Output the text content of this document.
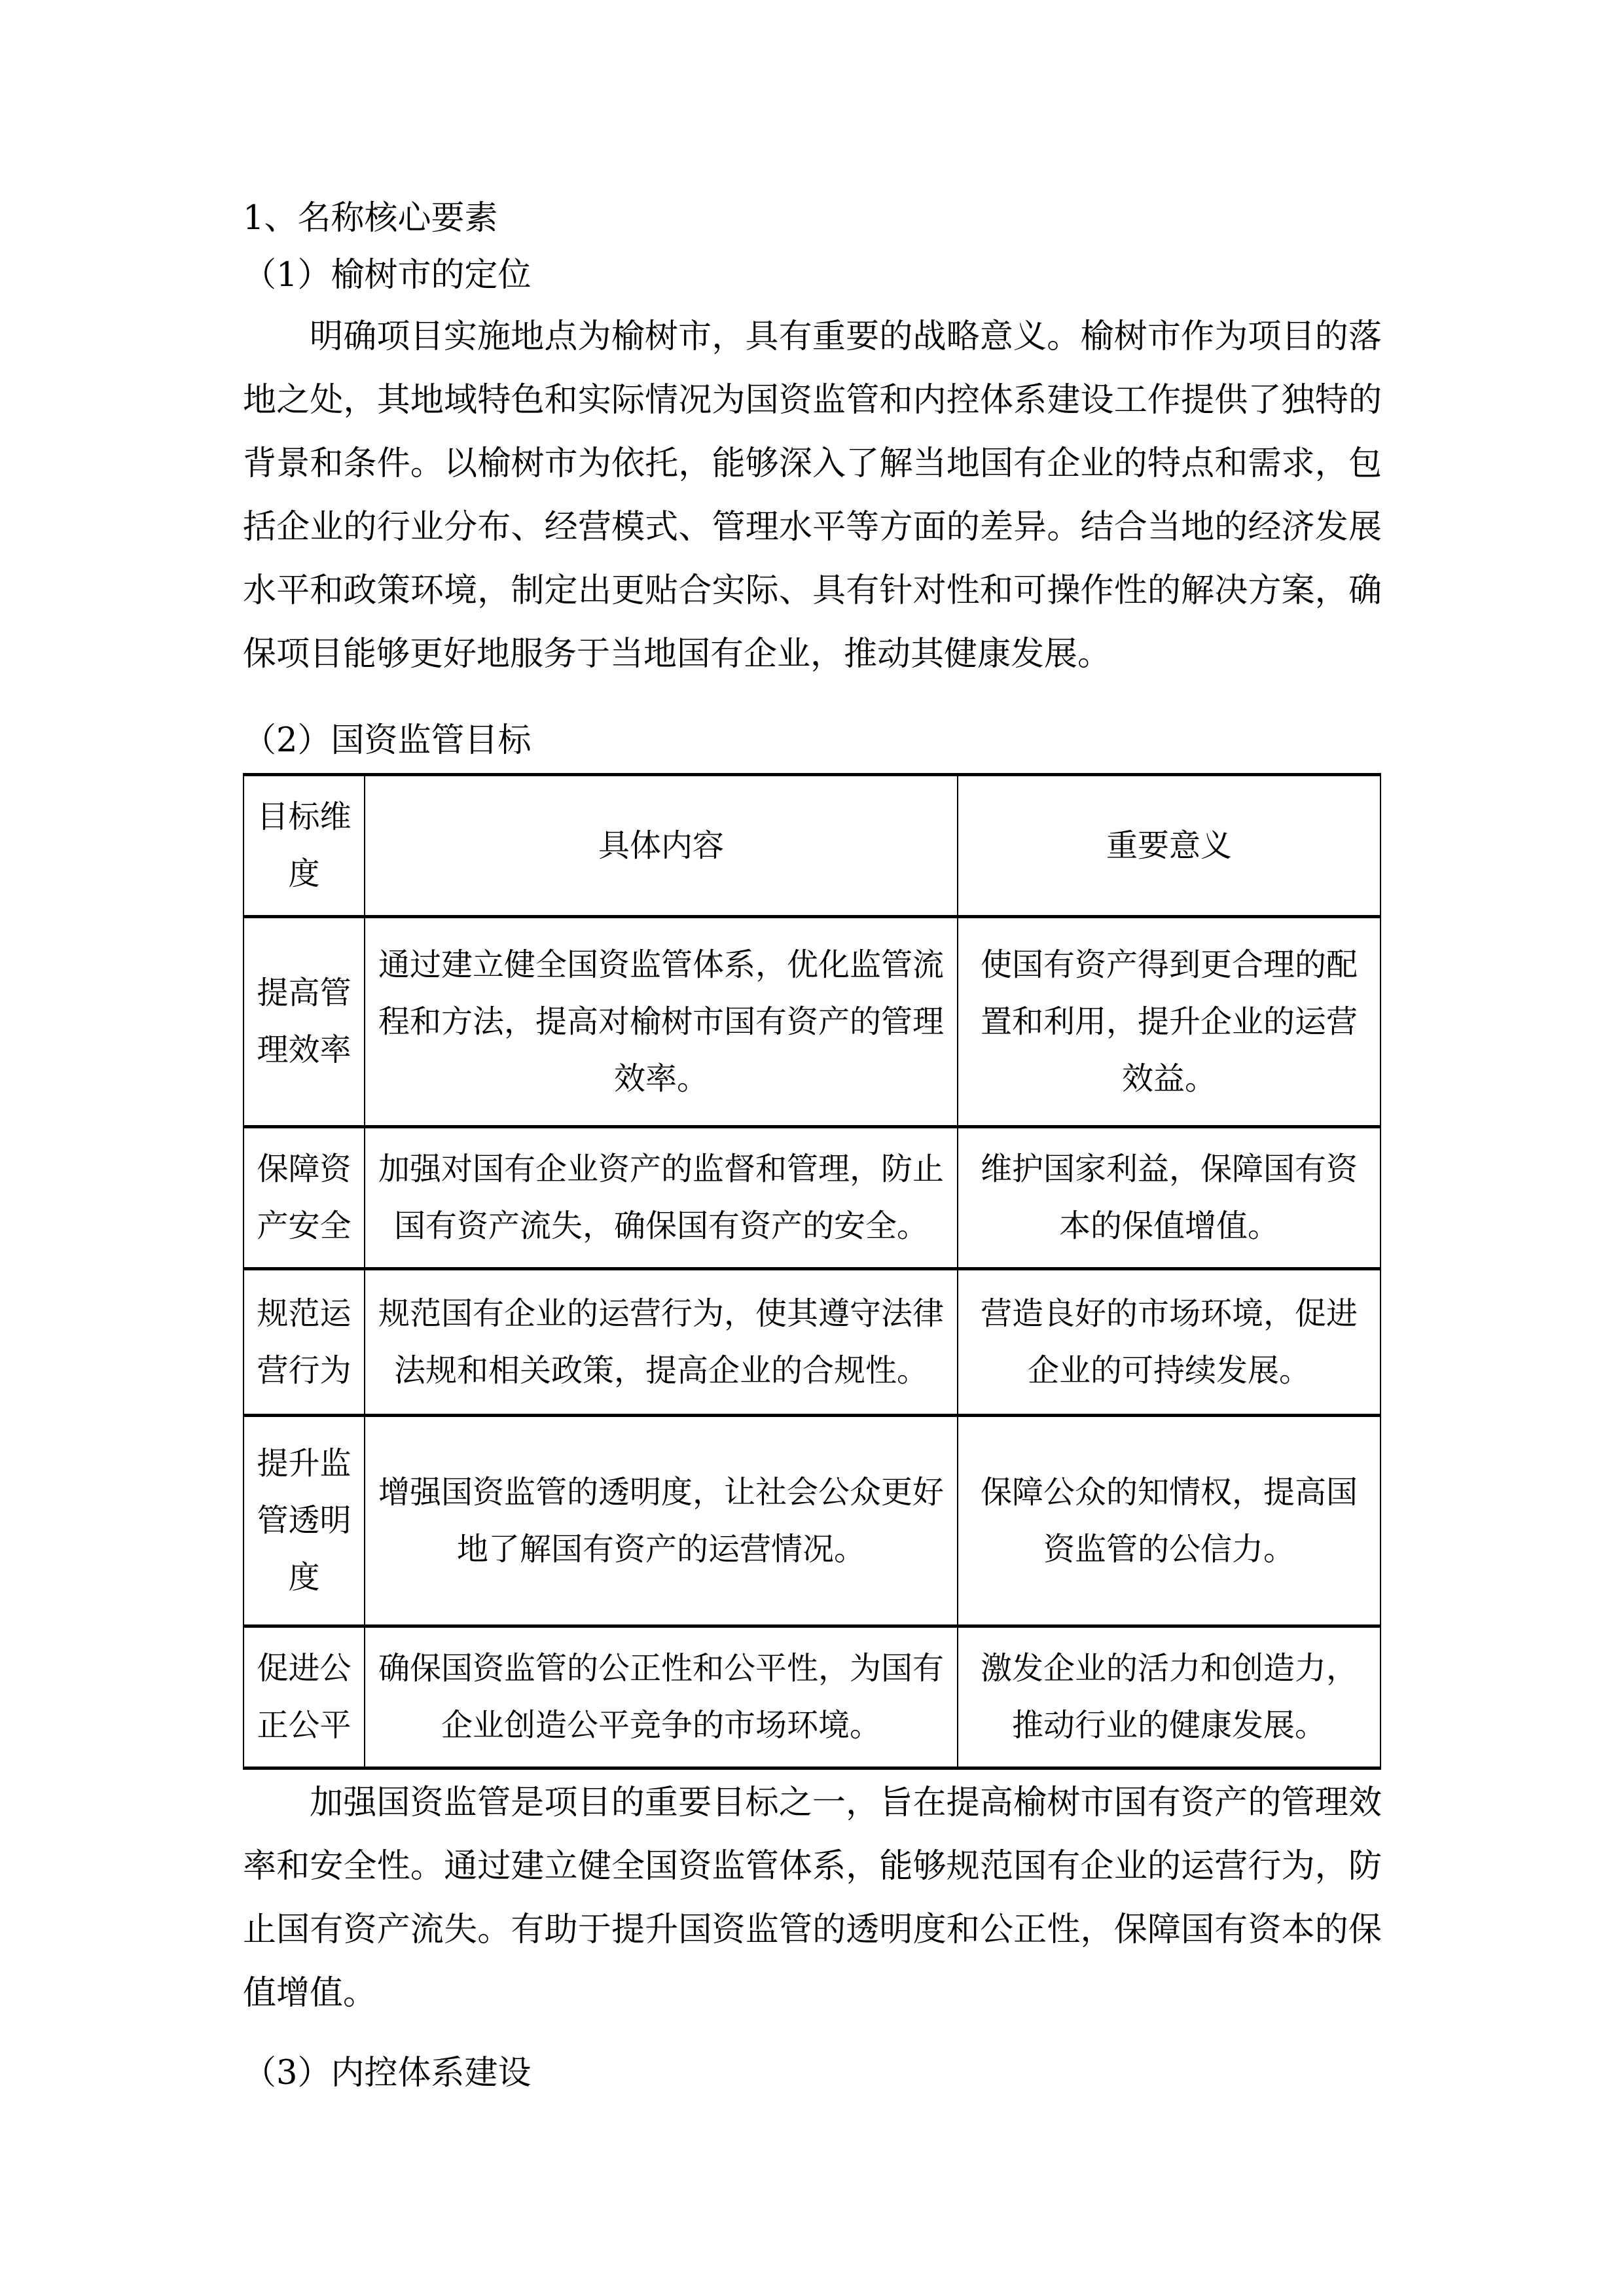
1、名称核心要素
（1）榆树市的定位
明确项目实施地点为榆树市，具有重要的战略意义。榆树市作为项目的落地之处，其地域特色和实际情况为国资监管和内控体系建设工作提供了独特的背景和条件。以榆树市为依托，能够深入了解当地国有企业的特点和需求，包括企业的行业分布、经营模式、管理水平等方面的差异。结合当地的经济发展水平和政策环境，制定出更贴合实际、具有针对性和可操作性的解决方案，确保项目能够更好地服务于当地国有企业，推动其健康发展。
（2）国资监管目标
目标维度	具体内容	重要意义
提高管理效率	通过建立健全国资监管体系，优化监管流程和方法，提高对榆树市国有资产的管理效率。	使国有资产得到更合理的配置和利用，提升企业的运营效益。
保障资产安全	加强对国有企业资产的监督和管理，防止国有资产流失，确保国有资产的安全。	维护国家利益，保障国有资本的保值增值。
规范运营行为	规范国有企业的运营行为，使其遵守法律法规和相关政策，提高企业的合规性。	营造良好的市场环境，促进企业的可持续发展。
提升监管透明度	增强国资监管的透明度，让社会公众更好地了解国有资产的运营情况。	保障公众的知情权，提高国资监管的公信力。
促进公正公平	确保国资监管的公正性和公平性，为国有企业创造公平竞争的市场环境。	激发企业的活力和创造力，推动行业的健康发展。
加强国资监管是项目的重要目标之一，旨在提高榆树市国有资产的管理效率和安全性。通过建立健全国资监管体系，能够规范国有企业的运营行为，防止国有资产流失。有助于提升国资监管的透明度和公正性，保障国有资本的保值增值。
（3）内控体系建设
